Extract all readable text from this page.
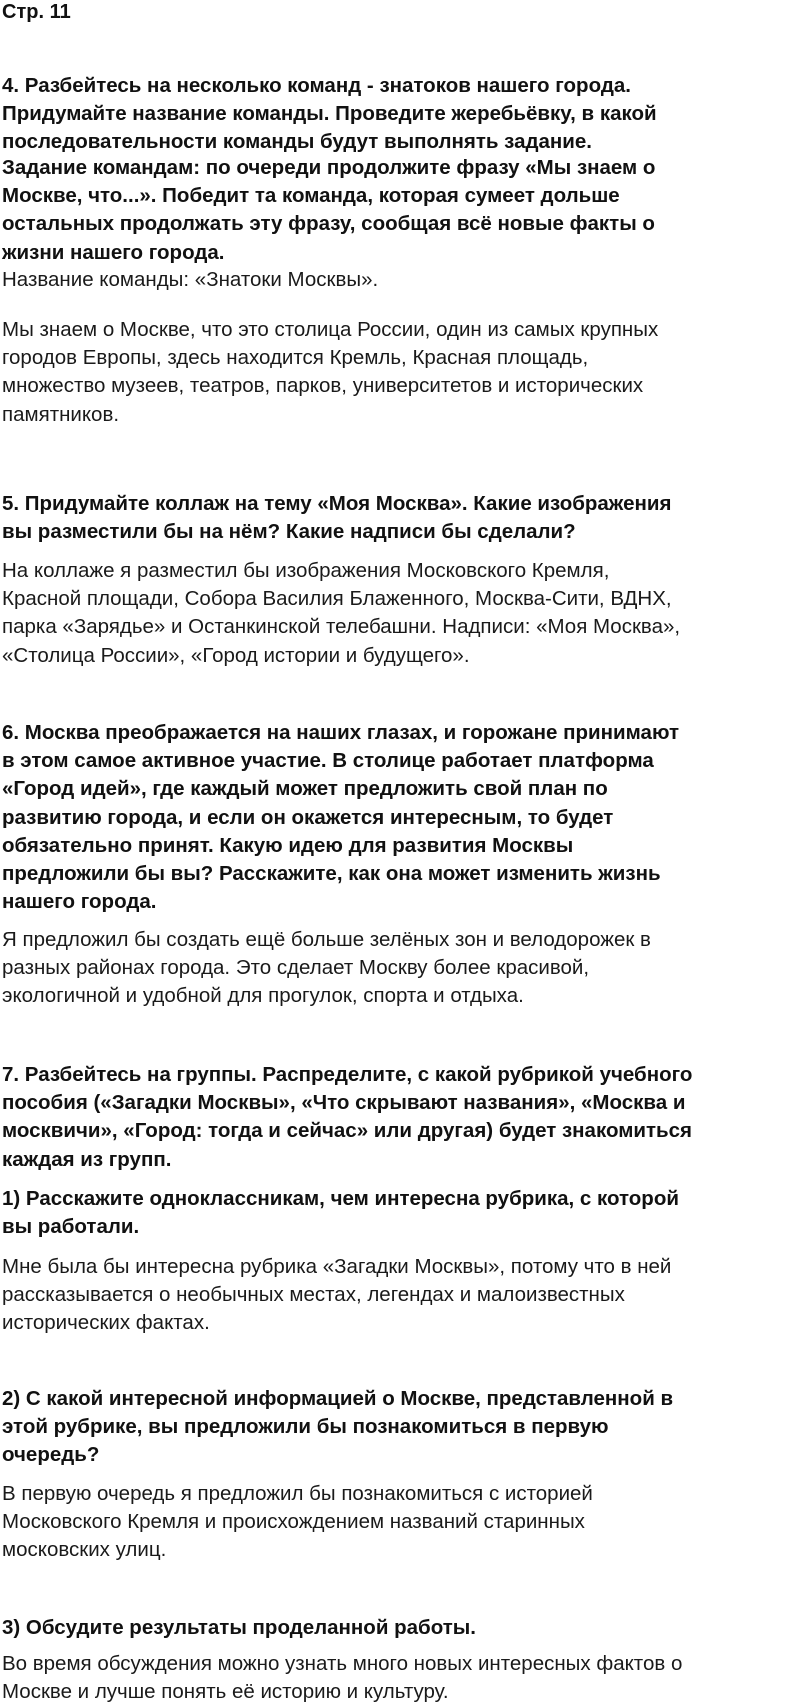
Стр. 11

4. Разбейтесь на несколько команд - знатоков нашего города.
Придумайте название команды. Проведите жеребьёвку, в какой
последовательности команды будут выполнять задание.

Задание командам: по очереди продолжите фразу «Мы знаем о
Москве, что...». Победит та команда, которая сумеет дольше
остальных продолжать эту фразу, сообщая всё новые факты о
жизни нашего города.

Название команды: «Знатоки Москвы».

Мы знаем о Москве, что это столица России, один из самых крупных
городов Европы, здесь находится Кремль, Красная площадь,
множество музеев, театров, парков, университетов и исторических
памятников.

5. Придумайте коллаж на тему «Моя Москва». Какие изображения
вы разместили бы на нём? Какие надписи бы сделали?

На коллаже я разместил бы изображения Московского Кремля,
Красной площади, Собора Василия Блаженного, Москва-Сити, ВДНХ,
парка «Зарядье» и Останкинской телебашни. Надписи: «Моя Москва»,
«Столица России», «Город истории и будущего».

6. Москва преображается на наших глазах, и горожане принимают
в этом самое активное участие. В столице работает платформа
«Город идей», где каждый может предложить свой план по
развитию города, и если он окажется интересным, то будет
обязательно принят. Какую идею для развития Москвы
предложили бы вы? Расскажите, как она может изменить жизнь
нашего города.

Я предложил бы создать ещё больше зелёных зон и велодорожек в
разных районах города. Это сделает Москву более красивой,
экологичной и удобной для прогулок, спорта и отдыха.

7. Разбейтесь на группы. Распределите, с какой рубрикой учебного
пособия («Загадки Москвы», «Что скрывают названия», «Москва и
москвичи», «Город: тогда и сейчас» или другая) будет знакомиться
каждая из групп.

1) Расскажите одноклассникам, чем интересна рубрика, с которой
вы работали.

Мне была бы интересна рубрика «Загадки Москвы», потому что в ней
рассказывается о необычных местах, легендах и малоизвестных
исторических фактах.

2) С какой интересной информацией о Москве, представленной в
этой рубрике, вы предложили бы познакомиться в первую
очередь?

В первую очередь я предложил бы познакомиться с историей
Московского Кремля и происхождением названий старинных
московских улиц.

3) Обсудите результаты проделанной работы.

Во время обсуждения можно узнать много новых интересных фактов о
Москве и лучше понять её историю и культуру.
